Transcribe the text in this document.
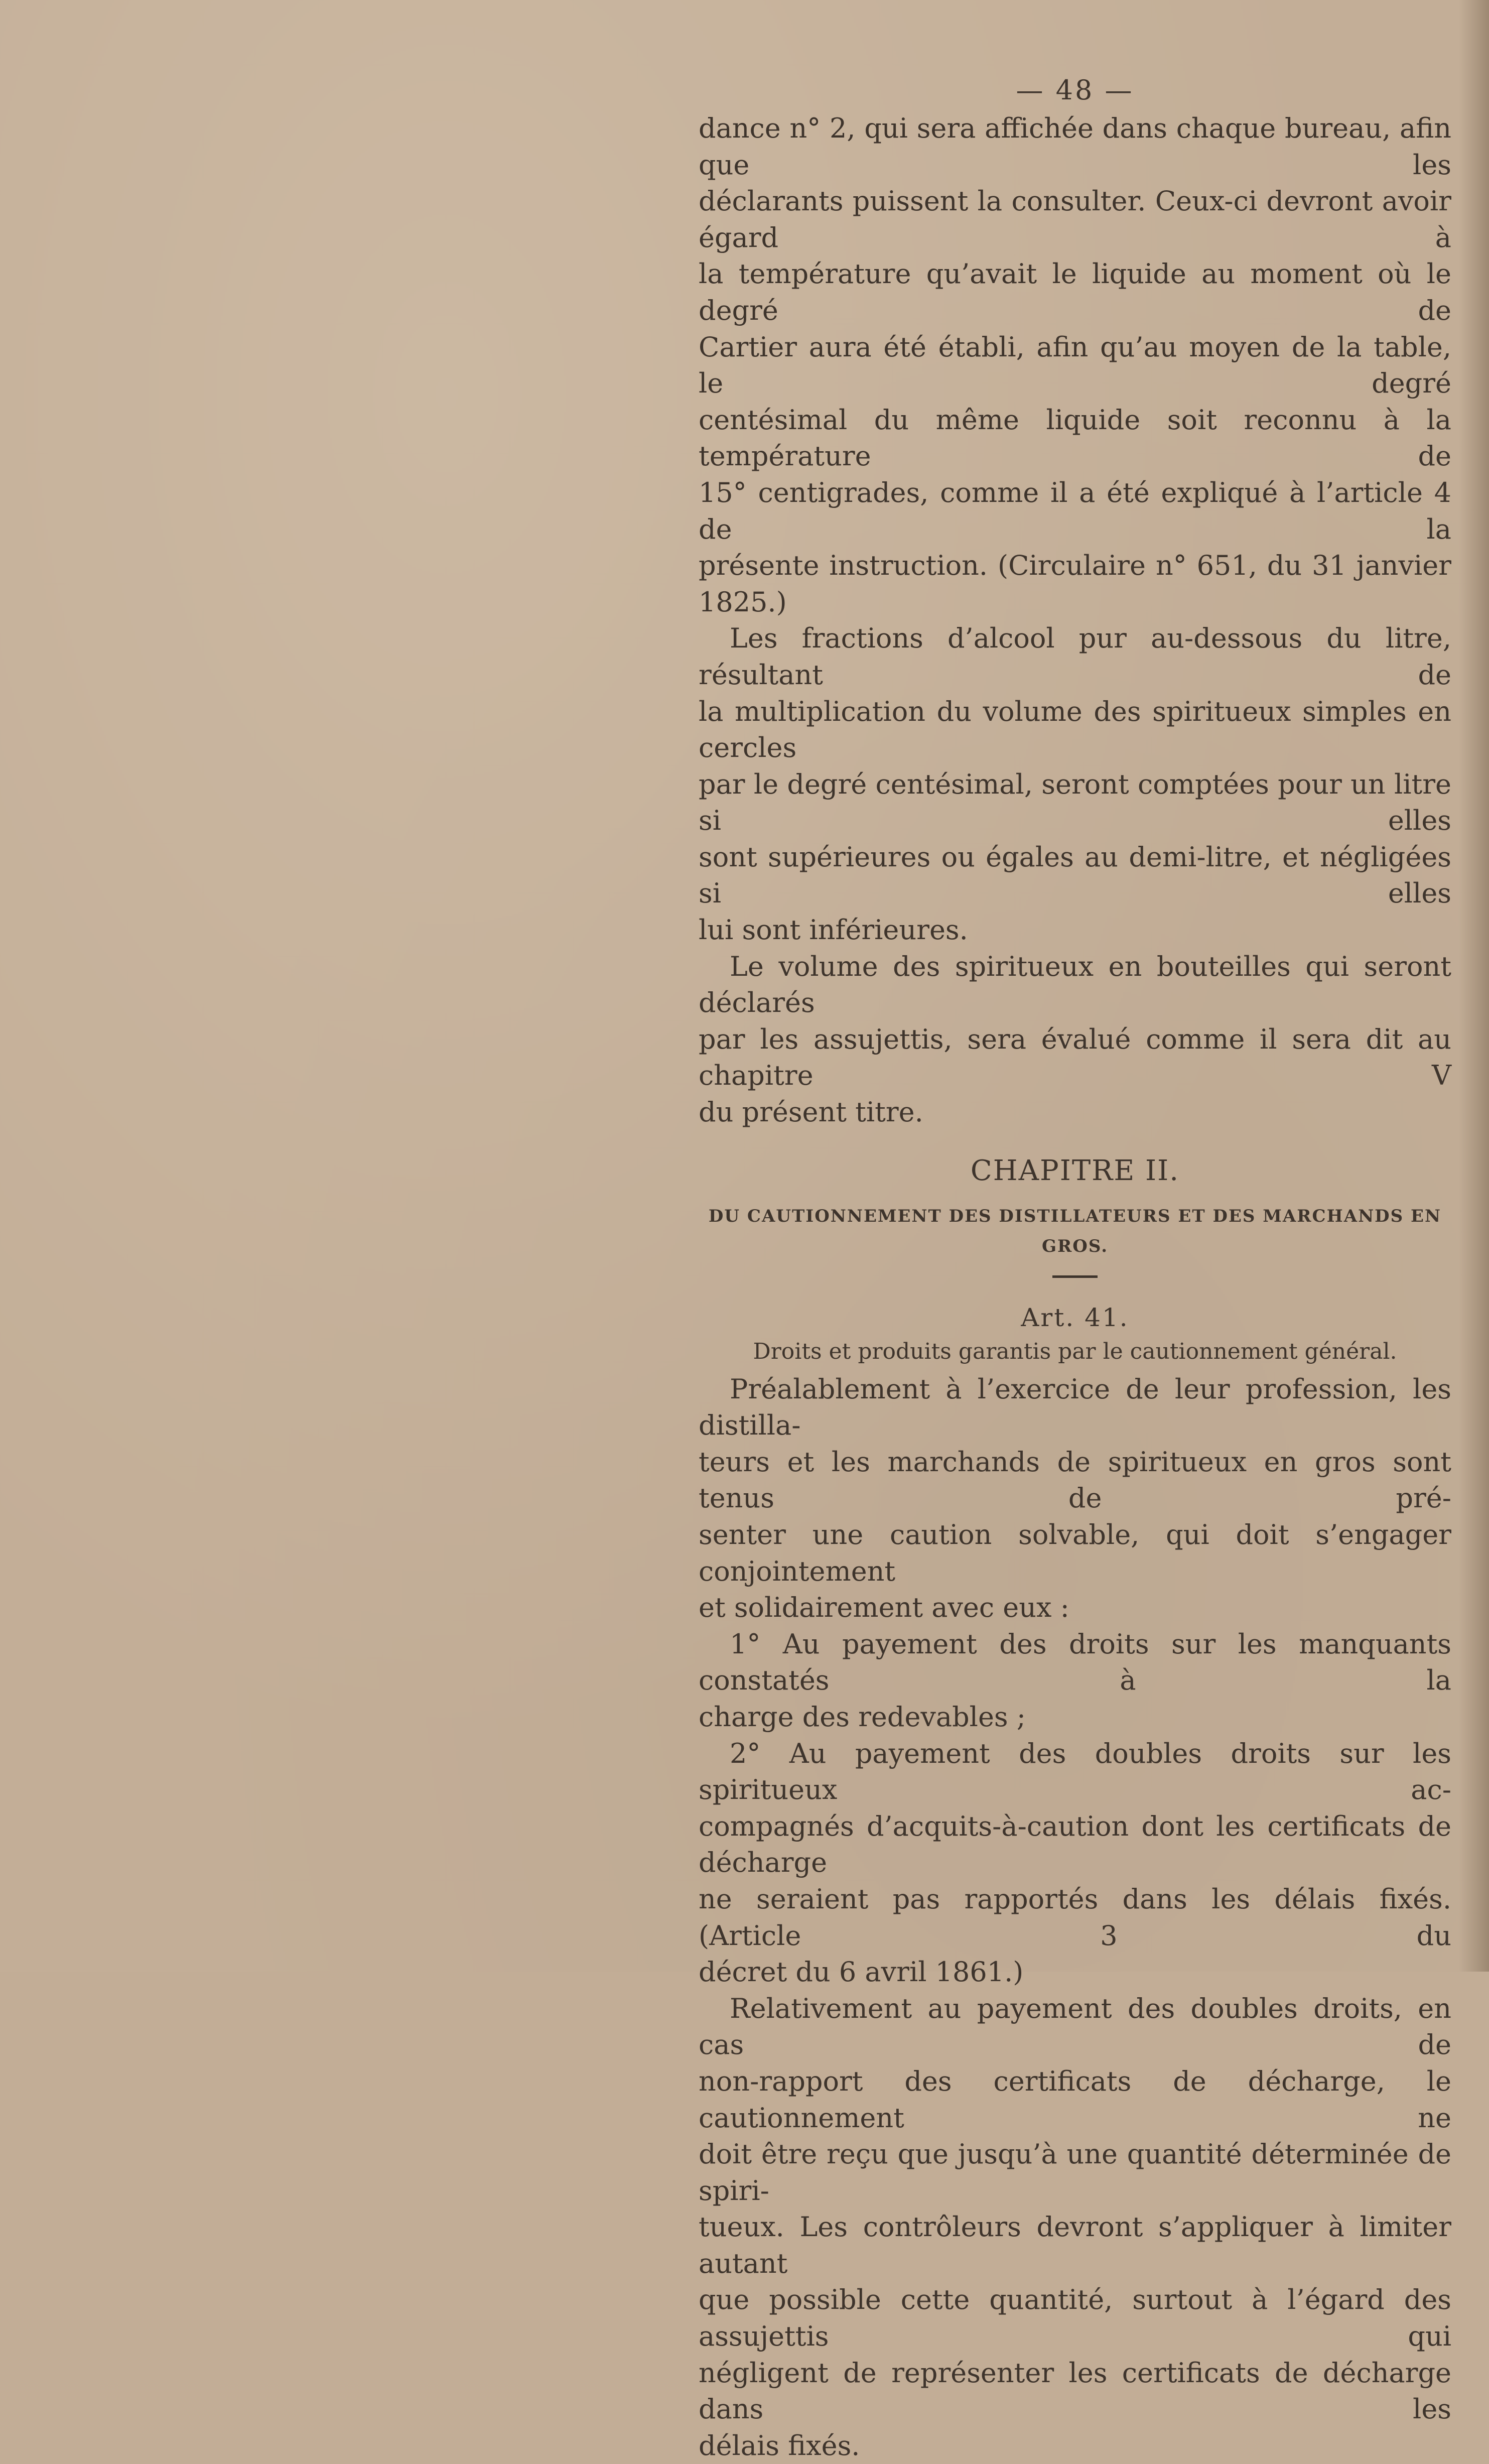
— 48 —
dance n° 2, qui sera affichée dans chaque bureau, afin que les
déclarants puissent la consulter. Ceux-ci devront avoir égard à
la température qu’avait le liquide au moment où le degré de
Cartier aura été établi, afin qu’au moyen de la table, le degré
centésimal du même liquide soit reconnu à la température de
15° centigrades, comme il a été expliqué à l’article 4 de la
présente instruction. (Circulaire n° 651, du 31 janvier 1825.)
Les fractions d’alcool pur au-dessous du litre, résultant de
la multiplication du volume des spiritueux simples en cercles
par le degré centésimal, seront comptées pour un litre si elles
sont supérieures ou égales au demi-litre, et négligées si elles
lui sont inférieures.
Le volume des spiritueux en bouteilles qui seront déclarés
par les assujettis, sera évalué comme il sera dit au chapitre V
du présent titre.
CHAPITRE II.
DU CAUTIONNEMENT DES DISTILLATEURS ET DES MARCHANDS EN GROS.
Art. 41.
Droits et produits garantis par le cautionnement général.
Préalablement à l’exercice de leur profession, les distilla-
teurs et les marchands de spiritueux en gros sont tenus de pré-
senter une caution solvable, qui doit s’engager conjointement
et solidairement avec eux :
1° Au payement des droits sur les manquants constatés à la
charge des redevables ;
2° Au payement des doubles droits sur les spiritueux ac-
compagnés d’acquits-à-caution dont les certificats de décharge
ne seraient pas rapportés dans les délais fixés. (Article 3 du
décret du 6 avril 1861.)
Relativement au payement des doubles droits, en cas de
non-rapport des certificats de décharge, le cautionnement ne
doit être reçu que jusqu’à une quantité déterminée de spiri-
tueux. Les contrôleurs devront s’appliquer à limiter autant
que possible cette quantité, surtout à l’égard des assujettis qui
négligent de représenter les certificats de décharge dans les
délais fixés.
